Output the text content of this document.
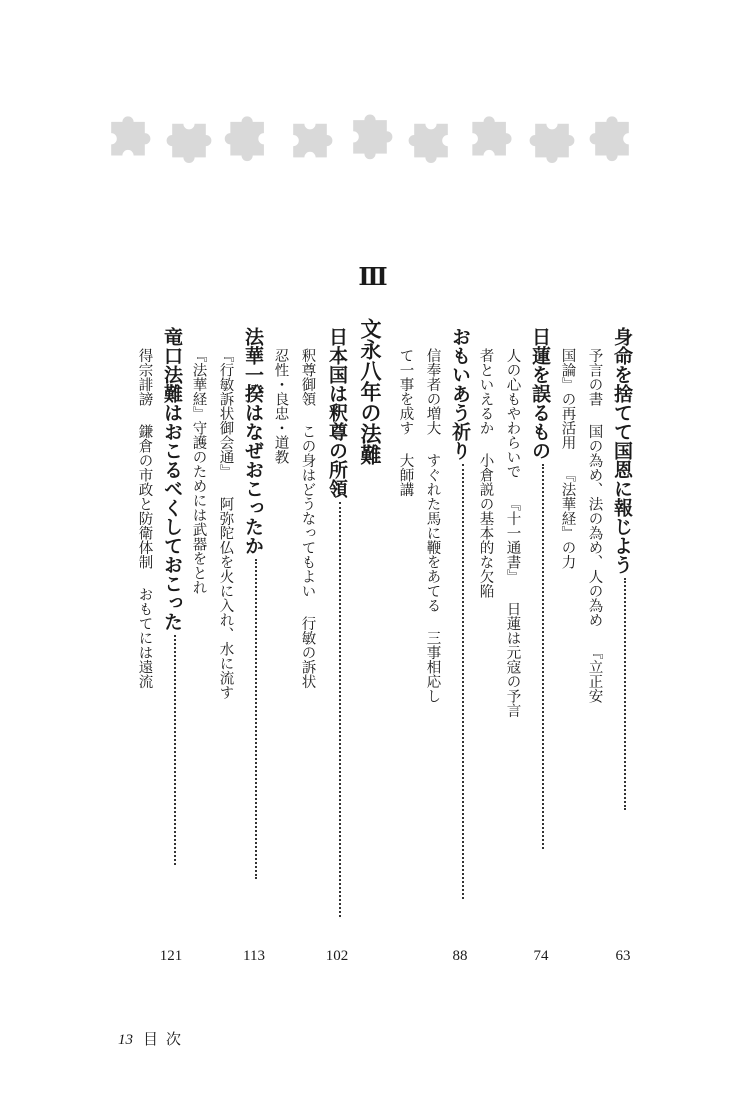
Ⅲ
身命を捨てて国恩に報じよう
予言の書国の為め、法の為め、人の為め『立正安
国論』の再活用『法華経』の力
日蓮を誤るもの
人の心もやわらいで『十一通書』日蓮は元寇の予言
者といえるか小倉説の基本的な欠陥
おもいあう祈り
信奉者の増大すぐれた馬に鞭をあてる三事相応し
て一事を成す大師講
文永八年の法難
日本国は釈尊の所領
釈尊御領この身はどうなってもよい行敏の訴状
忍性・良忠・道教
法華一揆はなぜおこったか
『行敏訴状御会通』阿弥陀仏を火に入れ、水に流す
『法華経』守護のためには武器をとれ
竜口法難はおこるべくしておこった
得宗誹謗鎌倉の市政と防衛体制おもてには遠流
63
74
88
102
113
121
13 目次
